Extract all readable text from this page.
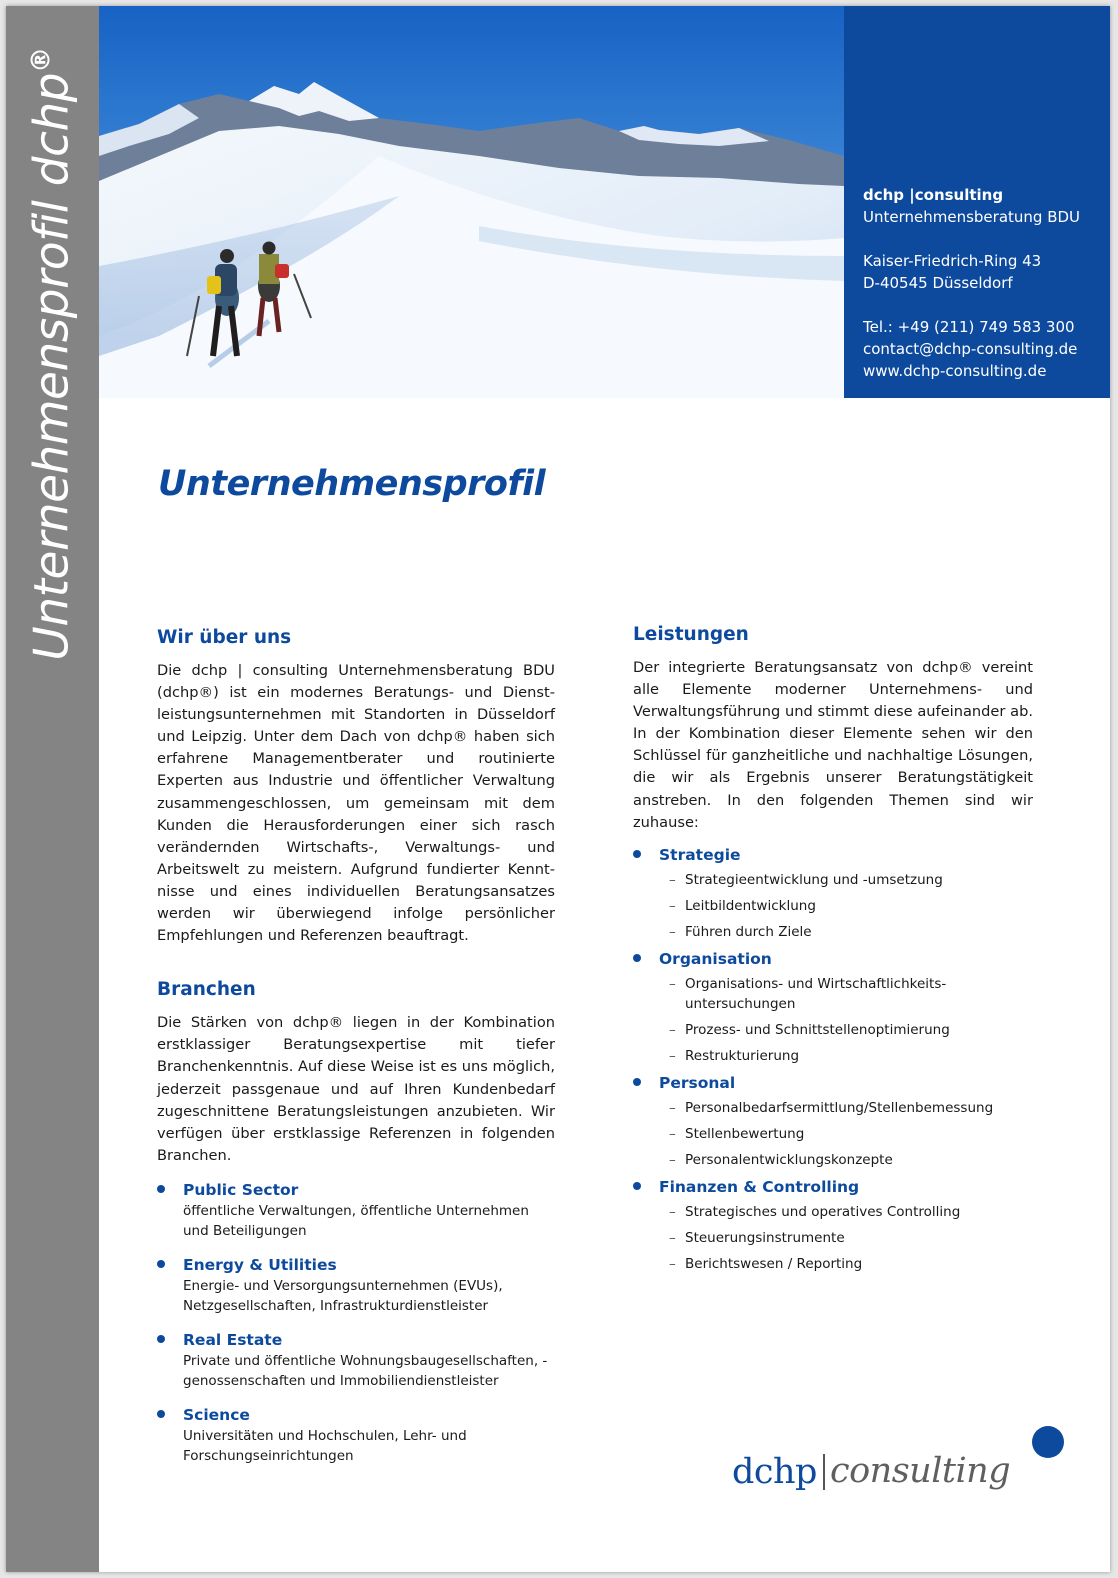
Unternehmensprofil dchp®
dchp |consulting
Unternehmensberatung BDU
Kaiser-Friedrich-Ring 43
D-40545 Düsseldorf
Tel.: +49 (211) 749 583 300
contact@dchp-consulting.de
www.dchp-consulting.de
Unternehmensprofil
Wir über uns

Die dchp | consulting Unternehmensberatung BDU (dchp®) ist ein modernes Beratungs- und Dienstleistungsunternehmen mit Standorten in Düsseldorf und Leipzig. Unter dem Dach von dchp® haben sich erfahrene Managementberater und routinierte Experten aus Industrie und öffentlicher Verwaltung zusammengeschlossen, um gemeinsam mit dem Kunden die Herausforderungen einer sich rasch verändernden Wirtschafts-, Verwaltungs- und Arbeitswelt zu meistern. Aufgrund fundierter Kenntnisse und eines individuellen Beratungsansatzes werden wir überwiegend infolge persönlicher Empfehlungen und Referenzen beauftragt.

Branchen

Die Stärken von dchp® liegen in der Kombination erstklassiger Beratungsexpertise mit tiefer Branchenkenntnis. Auf diese Weise ist es uns möglich, jederzeit passgenaue und auf Ihren Kundenbedarf zugeschnittene Beratungsleistungen anzubieten. Wir verfügen über erstklassige Referenzen in folgenden Branchen.

Public Sector
öffentliche Verwaltungen, öffentliche Unternehmen und Beteiligungen
Energy & Utilities
Energie- und Versorgungsunternehmen (EVUs), Netzgesellschaften, Infrastrukturdienstleister
Real Estate
Private und öffentliche Wohnungsbaugesellschaften, -genossenschaften und Immobiliendienstleister
Science
Universitäten und Hochschulen, Lehr- und Forschungseinrichtungen
Leistungen

Der integrierte Beratungsansatz von dchp® vereint alle Elemente moderner Unternehmens- und Verwaltungsführung und stimmt diese aufeinander ab. In der Kombination dieser Elemente sehen wir den Schlüssel für ganzheitliche und nachhaltige Lösungen, die wir als Ergebnis unserer Beratungstätigkeit anstreben. In den folgenden Themen sind wir zuhause:

Strategie
– Strategieentwicklung und -umsetzung
– Leitbildentwicklung
– Führen durch Ziele
Organisation
– Organisations- und Wirtschaftlichkeits-untersuchungen
– Prozess- und Schnittstellenoptimierung
– Restrukturierung
Personal
– Personalbedarfsermittlung/Stellenbemessung
– Stellenbewertung
– Personalentwicklungskonzepte
Finanzen & Controlling
– Strategisches und operatives Controlling
– Steuerungsinstrumente
– Berichtswesen / Reporting
dchp consulting
